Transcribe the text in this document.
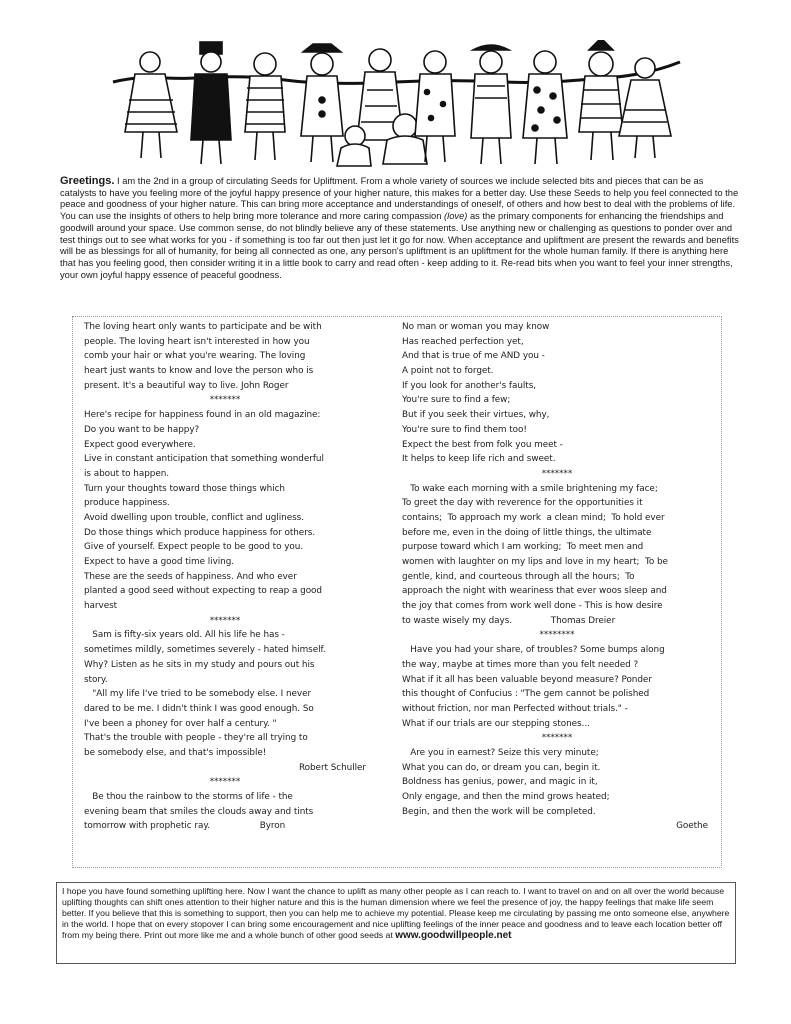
Greetings. I am the 2nd in a group of circulating Seeds for Upliftment. From a whole variety of sources we include selected bits and pieces that can be as catalysts to have you feeling more of the joyful happy presence of your higher nature, this makes for a better day. Use these Seeds to help you feel connected to the peace and goodness of your higher nature. This can bring more acceptance and understandings of oneself, of others and how best to deal with the problems of life. You can use the insights of others to help bring more tolerance and more caring compassion (love) as the primary components for enhancing the friendships and goodwill around your space. Use common sense, do not blindly believe any of these statements. Use anything new or challenging as questions to ponder over and test things out to see what works for you - if something is too far out then just let it go for now. When acceptance and upliftment are present the rewards and benefits will be as blessings for all of humanity, for being all connected as one, any person's upliftment is an upliftment for the whole human family. If there is anything here that has you feeling good, then consider writing it in a little book to carry and read often - keep adding to it. Re-read bits when you want to feel your inner strengths, your own joyful happy essence of peaceful goodness.
The loving heart only wants to participate and be with
people. The loving heart isn't interested in how you
comb your hair or what you're wearing. The loving
heart just wants to know and love the person who is
present. It's a beautiful way to live. John Roger
*******
Here's recipe for happiness found in an old magazine:
Do you want to be happy?
Expect good everywhere.
Live in constant anticipation that something wonderful
is about to happen.
Turn your thoughts toward those things which
produce happiness.
Avoid dwelling upon trouble, conflict and ugliness.
Do those things which produce happiness for others.
Give of yourself. Expect people to be good to you.
Expect to have a good time living.
These are the seeds of happiness. And who ever
planted a good seed without expecting to reap a good
harvest
*******
Sam is fifty-six years old. All his life he has -
sometimes mildly, sometimes severely - hated himself.
Why? Listen as he sits in my study and pours out his
story.
"All my life I've tried to be somebody else. I never
dared to be me. I didn't think I was good enough. So
I've been a phoney for over half a century. "
That's the trouble with people - they're all trying to
be somebody else, and that's impossible!
Robert Schuller
*******
Be thou the rainbow to the storms of life - the
evening beam that smiles the clouds away and tints
tomorrow with prophetic ray.                  Byron
No man or woman you may know
Has reached perfection yet,
And that is true of me AND you -
A point not to forget.
If you look for another's faults,
You're sure to find a few;
But if you seek their virtues, why,
You're sure to find them too!
Expect the best from folk you meet -
It helps to keep life rich and sweet.
*******
To wake each morning with a smile brightening my face;
To greet the day with reverence for the opportunities it
contains;  To approach my work  a clean mind;  To hold ever
before me, even in the doing of little things, the ultimate
purpose toward which I am working;  To meet men and
women with laughter on my lips and love in my heart;  To be
gentle, kind, and courteous through all the hours;  To
approach the night with weariness that ever woos sleep and
the joy that comes from work well done - This is how desire
to waste wisely my days.              Thomas Dreier
********
Have you had your share, of troubles? Some bumps along
the way, maybe at times more than you felt needed ?
What if it all has been valuable beyond measure? Ponder
this thought of Confucius : "The gem cannot be polished
without friction, nor man Perfected without trials." -
What if our trials are our stepping stones...
*******
Are you in earnest? Seize this very minute;
What you can do, or dream you can, begin it.
Boldness has genius, power, and magic in it,
Only engage, and then the mind grows heated;
Begin, and then the work will be completed.
Goethe
I hope you have found something uplifting here. Now I want the chance to uplift as many other people as I can reach to. I want to travel on and on all over the world because uplifting thoughts can shift ones attention to their higher nature and this is the human dimension where we feel the presence of joy, the happy feelings that make life seem better. If you believe that this is something to support, then you can help me to achieve my potential. Please keep me circulating by passing me onto someone else, anywhere in the world. I hope that on every stopover I can bring some encouragement and nice uplifting feelings of the inner peace and goodness and to leave each location better off from my being there. Print out more like me and a whole bunch of other good seeds at www.goodwillpeople.net
